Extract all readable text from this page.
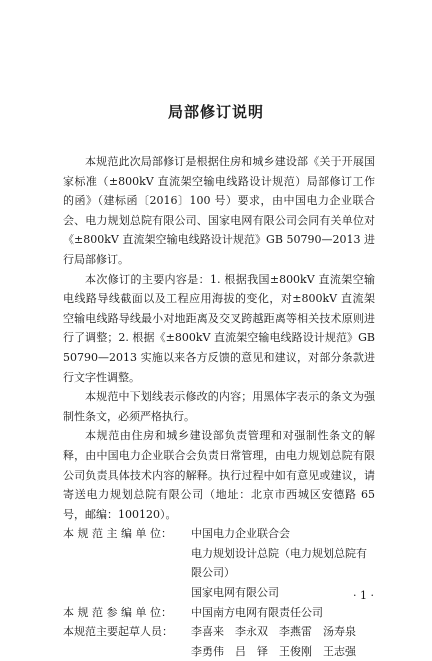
局部修订说明

本规范此次局部修订是根据住房和城乡建设部《关于开展国家标准（±800kV 直流架空输电线路设计规范）局部修订工作的函》（建标函〔2016〕100 号）要求，由中国电力企业联合会、电力规划总院有限公司、国家电网有限公司会同有关单位对《±800kV 直流架空输电线路设计规范》GB 50790—2013 进行局部修订。

本次修订的主要内容是：1. 根据我国±800kV 直流架空输电线路导线截面以及工程应用海拔的变化，对±800kV 直流架空输电线路导线最小对地距离及交叉跨越距离等相关技术原则进行了调整；2. 根据《±800kV 直流架空输电线路设计规范》GB 50790—2013 实施以来各方反馈的意见和建议，对部分条款进行文字性调整。

本规范中下划线表示修改的内容；用黑体字表示的条文为强制性条文，必须严格执行。

本规范由住房和城乡建设部负责管理和对强制性条文的解释，由中国电力企业联合会负责日常管理，由电力规划总院有限公司负责具体技术内容的解释。执行过程中如有意见或建议，请寄送电力规划总院有限公司（地址：北京市西城区安德路 65 号，邮编：100120）。

本 规 范 主 编 单 位：	中国电力企业联合会
电力规划设计总院（电力规划总院有限公司）
国家电网有限公司
本 规 范 参 编 单 位：	中国南方电网有限责任公司
本规范主要起草人员：	李喜来　李永双　李燕雷　汤寿泉
李勇伟　吕　铎　王俊刚　王志强
· 1 ·
